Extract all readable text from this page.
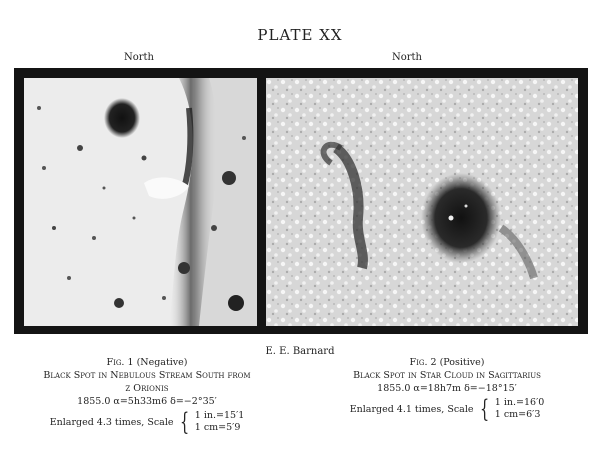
PLATE XX
North	North
E. E. Barnard
Fig. 1 (Negative)
Black Spot in Nebulous Stream South from
ζ Orionis
1855.0 α=5h33m6 δ=−2°35′
Enlarged 4.3 times, Scale { 1 in.=15′1
1 cm=5′9
Fig. 2 (Positive)
Black Spot in Star Cloud in Sagittarius
1855.0 α=18h7m δ=−18°15′
Enlarged 4.1 times, Scale { 1 in.=16′0
1 cm=6′3
